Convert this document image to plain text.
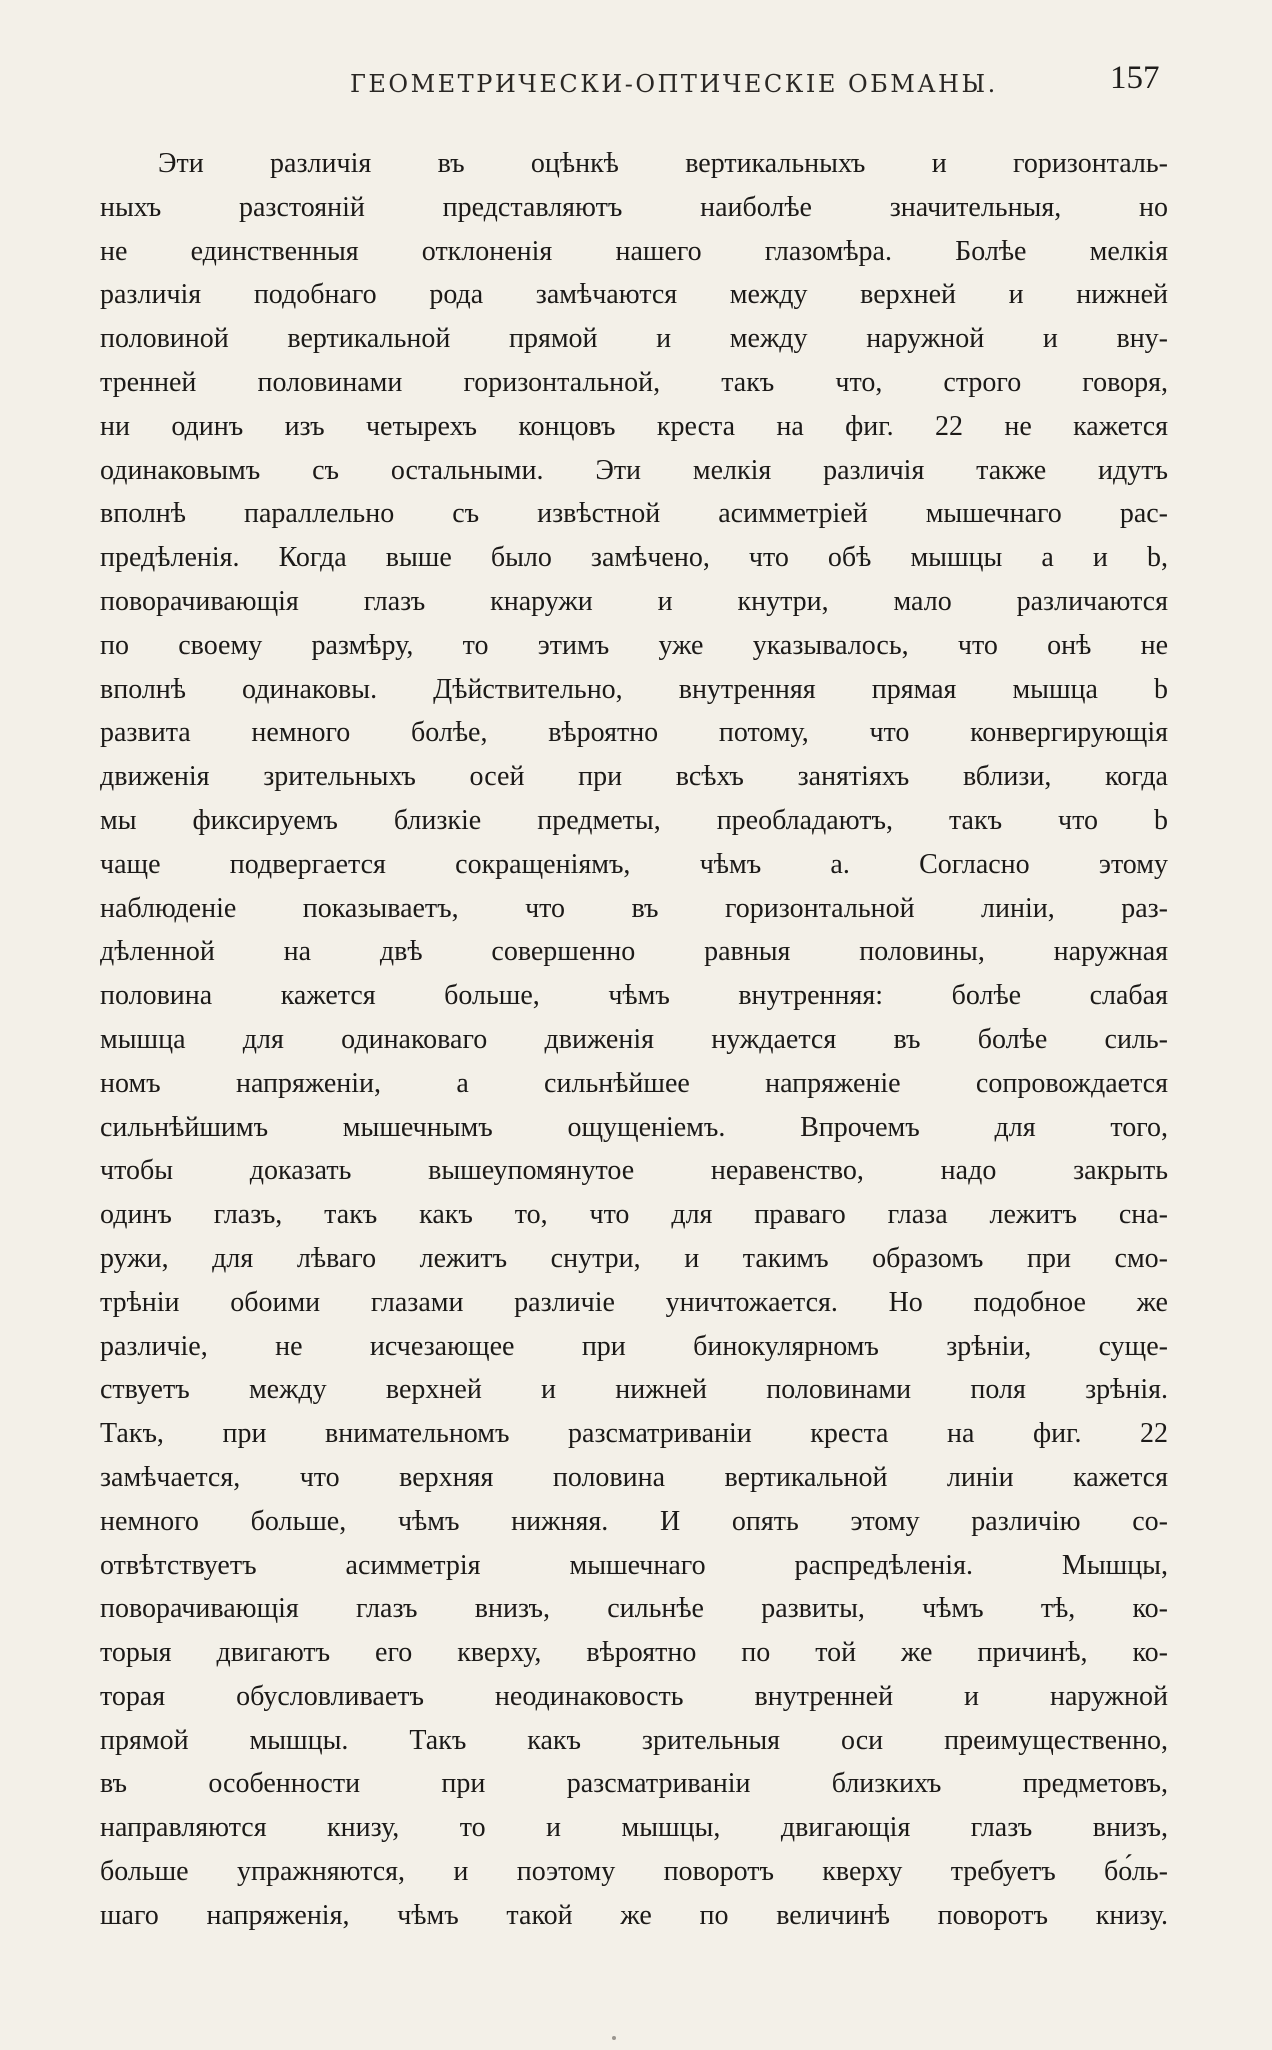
ГЕОМЕТРИЧЕСКИ-ОПТИЧЕСКІЕ ОБМАНЫ.	157
Эти различія въ оцѣнкѣ вертикальныхъ и горизонталь-
ныхъ разстояній представляютъ наиболѣе значительныя, но
не единственныя отклоненія нашего глазомѣра. Болѣе мелкія
различія подобнаго рода замѣчаются между верхней и нижней
половиной вертикальной прямой и между наружной и вну-
тренней половинами горизонтальной, такъ что, строго говоря,
ни одинъ изъ четырехъ концовъ креста на фиг. 22 не кажется
одинаковымъ съ остальными. Эти мелкія различія также идутъ
вполнѣ параллельно съ извѣстной асимметріей мышечнаго рас-
предѣленія. Когда выше было замѣчено, что обѣ мышцы a и b,
поворачивающія глазъ кнаружи и кнутри, мало различаются
по своему размѣру, то этимъ уже указывалось, что онѣ не
вполнѣ одинаковы. Дѣйствительно, внутренняя прямая мышца b
развита немного болѣе, вѣроятно потому, что конвергирующія
движенія зрительныхъ осей при всѣхъ занятіяхъ вблизи, когда
мы фиксируемъ близкіе предметы, преобладаютъ, такъ что b
чаще подвергается сокращеніямъ, чѣмъ a. Согласно этому
наблюденіе показываетъ, что въ горизонтальной линіи, раз-
дѣленной на двѣ совершенно равныя половины, наружная
половина кажется больше, чѣмъ внутренняя: болѣе слабая
мышца для одинаковаго движенія нуждается въ болѣе силь-
номъ напряженіи, а сильнѣйшее напряженіе сопровождается
сильнѣйшимъ мышечнымъ ощущеніемъ. Впрочемъ для того,
чтобы доказать вышеупомянутое неравенство, надо закрыть
одинъ глазъ, такъ какъ то, что для праваго глаза лежитъ сна-
ружи, для лѣваго лежитъ снутри, и такимъ образомъ при смо-
трѣніи обоими глазами различіе уничтожается. Но подобное же
различіе, не исчезающее при бинокулярномъ зрѣніи, суще-
ствуетъ между верхней и нижней половинами поля зрѣнія.
Такъ, при внимательномъ разсматриваніи креста на фиг. 22
замѣчается, что верхняя половина вертикальной линіи кажется
немного больше, чѣмъ нижняя. И опять этому различію со-
отвѣтствуетъ асимметрія мышечнаго распредѣленія. Мышцы,
поворачивающія глазъ внизъ, сильнѣе развиты, чѣмъ тѣ, ко-
торыя двигаютъ его кверху, вѣроятно по той же причинѣ, ко-
торая обусловливаетъ неодинаковость внутренней и наружной
прямой мышцы. Такъ какъ зрительныя оси преимущественно,
въ особенности при разсматриваніи близкихъ предметовъ,
направляются книзу, то и мышцы, двигающія глазъ внизъ,
больше упражняются, и поэтому поворотъ кверху требуетъ бо́ль-
шаго напряженія, чѣмъ такой же по величинѣ поворотъ книзу.
